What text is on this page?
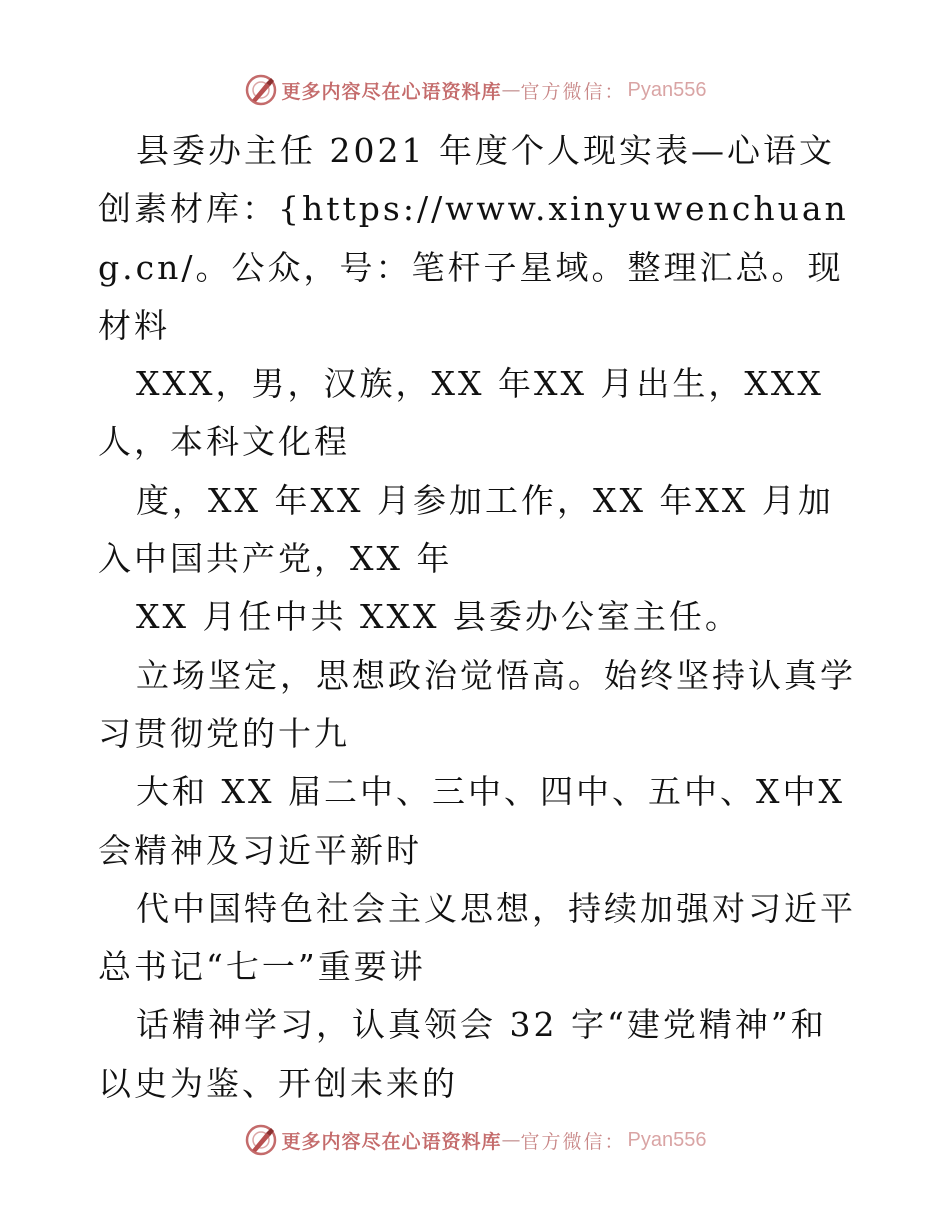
更多内容尽在心语资料库 — 官方微信： Pyan556

县委办主任 2021 年度个人现实表—心语文创素材库：{https://www.xinyuwenchuang.cn/。公众，号：笔杆子星域。整理汇总。现材料

XXX，男，汉族，XX 年XX 月出生，XXX 人，本科文化程

度，XX 年XX 月参加工作，XX 年XX 月加入中国共产党，XX 年

XX 月任中共 XXX 县委办公室主任。

立场坚定，思想政治觉悟高。始终坚持认真学习贯彻党的十九

大和 XX 届二中、三中、四中、五中、X中X会精神及习近平新时

代中国特色社会主义思想，持续加强对习近平总书记“七一”重要讲

话精神学习，认真领会 32 字“建党精神”和以史为鉴、开创未来的

更多内容尽在心语资料库 — 官方微信： Pyan556
